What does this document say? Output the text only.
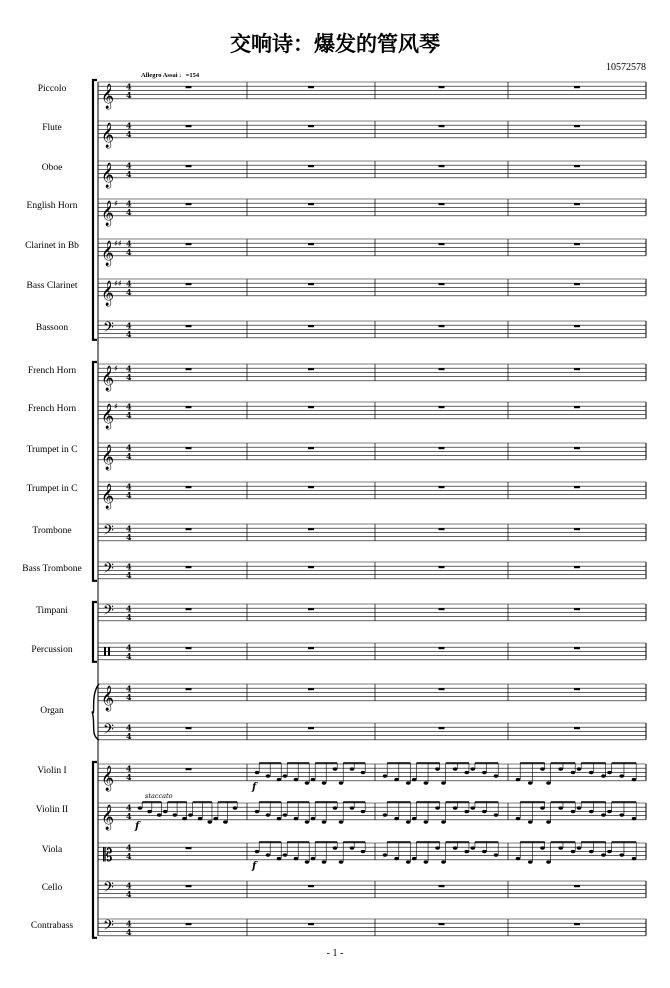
交响诗：爆发的管风琴
10572578
Allegro Assai ♩=154
- 1 -
Piccolo
Flute
Oboe
English Horn
Clarinet in Bb
Bass Clarinet
Bassoon
French Horn
French Horn
Trumpet in C
Trumpet in C
Trombone
Bass Trombone
Timpani
Percussion
Organ
Violin I
Violin II
Viola
Cello
Contrabass
𝄞 4
4
𝄞 4
4
𝄞 4
4
𝄞 ♯ 4
4
𝄞 ♯♯ 4
4
𝄞 ♯♯ 4
4
𝄢 4
4
𝄞 ♯ 4
4
𝄞 ♯ 4
4
𝄞 4
4
𝄞 4
4
𝄢 4
4
𝄢 4
4
𝄢 4
4
4
4
𝄞 4
4
𝄢 4
4
𝄞 4
4
𝄞 4
4
𝄡 4
4
𝄢 4
4
𝄢 4
4
staccato
f
f
f
